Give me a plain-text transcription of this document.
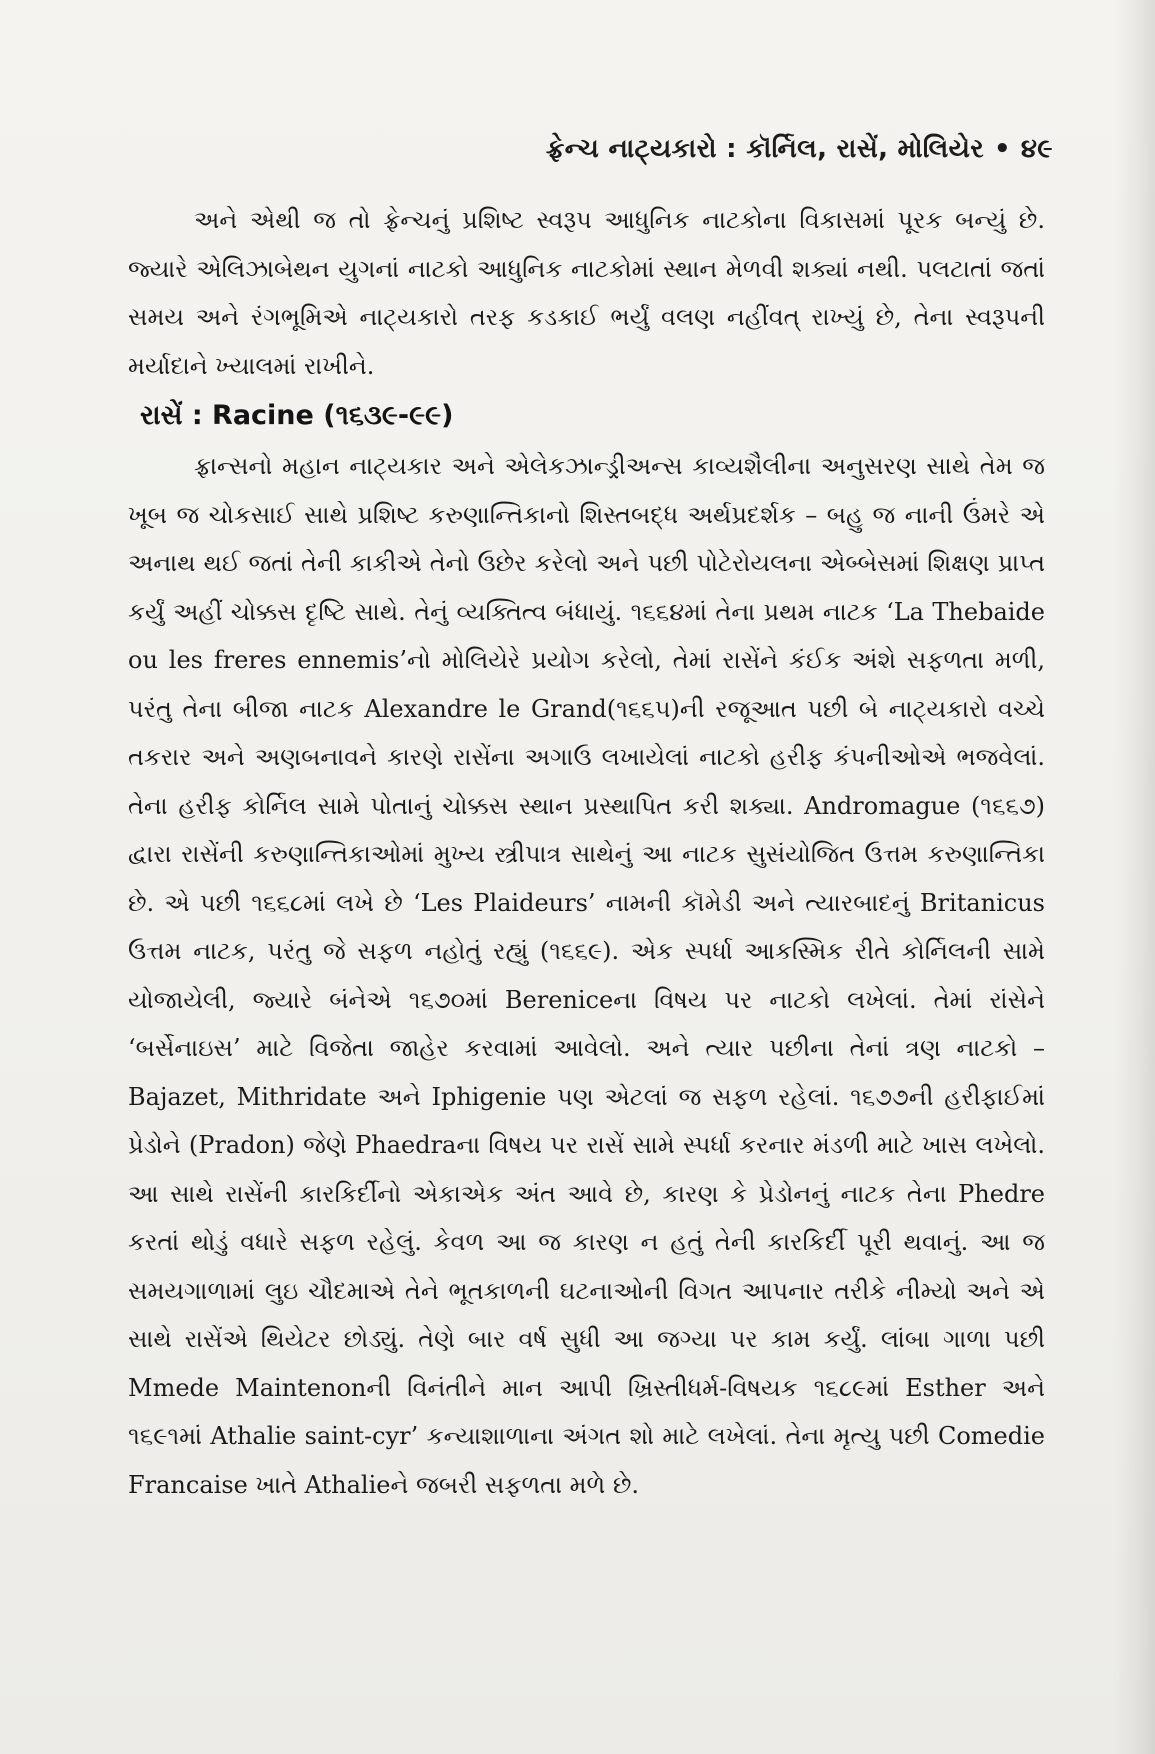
ફ્રેન્ચ નાટ્યકારો : કૉર્નિલ, રાસેં, મોલિયેર • ૪૯

અને એથી જ તો ફ્રેન્ચનું પ્રશિષ્ટ સ્વરૂપ આધુનિક નાટકોના વિકાસમાં પૂરક બન્યું છે. જ્યારે એલિઝાબેથન યુગનાં નાટકો આધુનિક નાટકોમાં સ્થાન મેળવી શક્યાં નથી. પલટાતાં જતાં સમય અને રંગભૂમિએ નાટ્યકારો તરફ કડકાઈ ભર્યું વલણ નહીંવત્ રાખ્યું છે, તેના સ્વરૂપની મર્યાદાને ખ્યાલમાં રાખીને.

રાસેં : Racine (૧૬૩૯-૯૯)

ફ્રાન્સનો મહાન નાટ્યકાર અને એલેકઝાન્ડ્રીઅન્સ કાવ્યશૈલીના અનુસરણ સાથે તેમ જ ખૂબ જ ચોકસાઈ સાથે પ્રશિષ્ટ કરુણાન્તિકાનો શિસ્તબદ્ધ અર્થપ્રદર્શક – બહુ જ નાની ઉંમરે એ અનાથ થઈ જતાં તેની કાકીએ તેનો ઉછેર કરેલો અને પછી પોટેરોયલના એબ્બેસમાં શિક્ષણ પ્રાપ્ત કર્યું અહીં ચોક્કસ દૃષ્ટિ સાથે. તેનું વ્યક્તિત્વ બંધાયું. ૧૬૬૪માં તેના પ્રથમ નાટક ‘La Thebaide ou les freres ennemis’નો મોલિયેરે પ્રયોગ કરેલો, તેમાં રાસેંને કંઈક અંશે સફળતા મળી, પરંતુ તેના બીજા નાટક Alexandre le Grand(૧૬૬૫)ની રજૂઆત પછી બે નાટ્યકારો વચ્ચે તકરાર અને અણબનાવને કારણે રાસેંના અગાઉ લખાયેલાં નાટકો હરીફ કંપનીઓએ ભજવેલાં. તેના હરીફ કોર્નિલ સામે પોતાનું ચોક્કસ સ્થાન પ્રસ્થાપિત કરી શક્યા. Andromague (૧૬૬૭) દ્વારા રાસેંની કરુણાન્તિકાઓમાં મુખ્ય સ્ત્રીપાત્ર સાથેનું આ નાટક સુસંયોજિત ઉત્તમ કરુણાન્તિકા છે. એ પછી ૧૬૬૮માં લખે છે ‘Les Plaideurs’ નામની કૉમેડી અને ત્યારબાદનું Britanicus ઉત્તમ નાટક, પરંતુ જે સફળ નહોતું રહ્યું (૧૬૬૯). એક સ્પર્ધા આકસ્મિક રીતે કોર્નિલની સામે યોજાયેલી, જ્યારે બંનેએ ૧૬૭૦માં Bereniceના વિષય પર નાટકો લખેલાં. તેમાં રાંસેને ‘બર્સેનાઇસ’ માટે વિજેતા જાહેર કરવામાં આવેલો. અને ત્યાર પછીના તેનાં ત્રણ નાટકો – Bajazet, Mithridate અને Iphigenie પણ એટલાં જ સફળ રહેલાં. ૧૬૭૭ની હરીફાઈમાં પ્રેડોને (Pradon) જેણે Phaedraના વિષય પર રાસેં સામે સ્પર્ધા કરનાર મંડળી માટે ખાસ લખેલો. આ સાથે રાસેંની કારકિર્દીનો એકાએક અંત આવે છે, કારણ કે પ્રેડોનનું નાટક તેના Phedre કરતાં થોડું વધારે સફળ રહેલું. કેવળ આ જ કારણ ન હતું તેની કારકિર્દી પૂરી થવાનું. આ જ સમયગાળામાં લુઇ ચૌદમાએ તેને ભૂતકાળની ઘટનાઓની વિગત આપનાર તરીકે નીમ્યો અને એ સાથે રાસેંએ થિયેટર છોડ્યું. તેણે બાર વર્ષ સુધી આ જગ્યા પર કામ કર્યું. લાંબા ગાળા પછી Mmede Maintenonની વિનંતીને માન આપી ખ્રિસ્તીધર્મ-વિષયક ૧૬૮૯માં Esther અને ૧૬૯૧માં Athalie saint-cyr’ કન્યાશાળાના અંગત શો માટે લખેલાં. તેના મૃત્યુ પછી Comedie Francaise ખાતે Athalieને જબરી સફળતા મળે છે.
